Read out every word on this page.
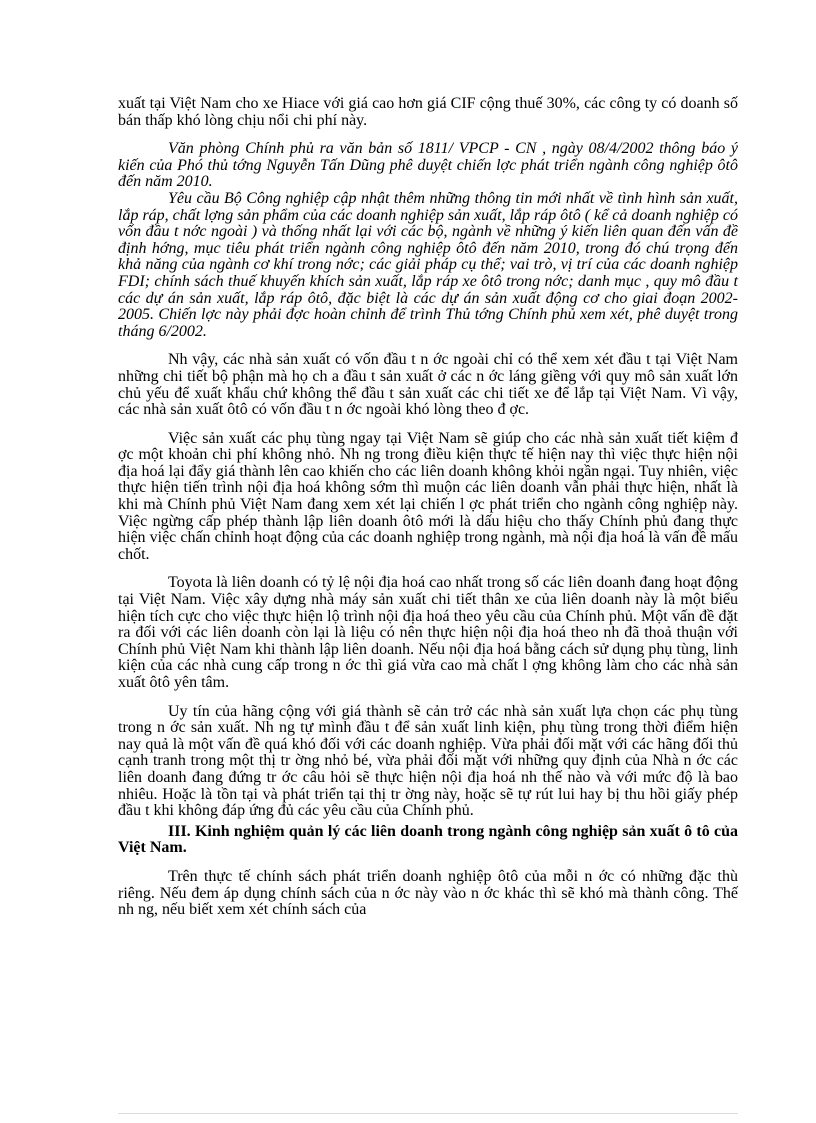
xuất tại Việt Nam cho xe Hiace với giá cao hơn giá CIF cộng thuế 30%, các công ty có doanh số bán thấp khó lòng chịu nổi chi phí này.

Văn phòng Chính phủ ra văn bản số 1811/ VPCP - CN , ngày 08/4/2002 thông báo ý kiến của Phó thủ tớng Nguyễn Tấn Dũng phê duyệt chiến lợc phát triển ngành công nghiệp ôtô đến năm 2010.

Yêu cầu Bộ Công nghiệp cập nhật thêm những thông tin mới nhất về tình hình sản xuất, lắp ráp, chất lợng sản phẩm của các doanh nghiệp sản xuất, lắp ráp ôtô ( kể cả doanh nghiệp có vốn đầu t nớc ngoài ) và thống nhất lại với các bộ, ngành về những ý kiến liên quan đến vấn đề định hớng, mục tiêu phát triển ngành công nghiệp ôtô đến năm 2010, trong đó chú trọng đến khả năng của ngành cơ khí trong nớc; các giải pháp cụ thể; vai trò, vị trí của các doanh nghiệp FDI; chính sách thuế khuyến khích sản xuất, lắp ráp xe ôtô trong nớc; danh mục , quy mô đầu t các dự án sản xuất, lắp ráp ôtô, đặc biệt là các dự án sản xuất động cơ cho giai đoạn 2002-2005. Chiến lợc này phải đợc hoàn chỉnh để trình Thủ tớng Chính phủ xem xét, phê duyệt trong tháng 6/2002.

Nh vậy, các nhà sản xuất có vốn đầu t n ớc ngoài chỉ có thể xem xét đầu t tại Việt Nam những chi tiết bộ phận mà họ ch a đầu t sản xuất ở các n ớc láng giềng với quy mô sản xuất lớn chủ yếu để xuất khẩu chứ không thể đầu t sản xuất các chi tiết xe để lắp tại Việt Nam. Vì vậy, các nhà sản xuất ôtô có vốn đầu t n ớc ngoài khó lòng theo đ ợc.

Việc sản xuất các phụ tùng ngay tại Việt Nam sẽ giúp cho các nhà sản xuất tiết kiệm đ ợc một khoản chi phí không nhỏ. Nh ng trong điều kiện thực tế hiện nay thì việc thực hiện nội địa hoá lại đẩy giá thành lên cao khiến cho các liên doanh không khỏi ngần ngại. Tuy nhiên, việc thực hiện tiến trình nội địa hoá không sớm thì muộn các liên doanh vẫn phải thực hiện, nhất là khi mà Chính phủ Việt Nam đang xem xét lại chiến l ợc phát triển cho ngành công nghiệp này. Việc ngừng cấp phép thành lập liên doanh ôtô mới là dấu hiệu cho thấy Chính phủ đang thực hiện việc chấn chỉnh hoạt động của các doanh nghiệp trong ngành, mà nội địa hoá là vấn đề mấu chốt.

Toyota là liên doanh có tỷ lệ nội địa hoá cao nhất trong số các liên doanh đang hoạt động tại Việt Nam. Việc xây dựng nhà máy sản xuất chi tiết thân xe của liên doanh này là một biểu hiện tích cực cho việc thực hiện lộ trình nội địa hoá theo yêu cầu của Chính phủ. Một vấn đề đặt ra đối với các liên doanh còn lại là liệu có nên thực hiện nội địa hoá theo nh đã thoả thuận với Chính phủ Việt Nam khi thành lập liên doanh. Nếu nội địa hoá bằng cách sử dụng phụ tùng, linh kiện của các nhà cung cấp trong n ớc thì giá vừa cao mà chất l ợng không làm cho các nhà sản xuất ôtô yên tâm.

Uy tín của hãng cộng với giá thành sẽ cản trở các nhà sản xuất lựa chọn các phụ tùng trong n ớc sản xuất. Nh ng tự mình đầu t để sản xuất linh kiện, phụ tùng trong thời điểm hiện nay quả là một vấn đề quá khó đối với các doanh nghiệp. Vừa phải đối mặt với các hãng đối thủ cạnh tranh trong một thị tr ờng nhỏ bé, vừa phải đối mặt với những quy định của Nhà n ớc các liên doanh đang đứng tr ớc câu hỏi sẽ thực hiện nội địa hoá nh thế nào và với mức độ là bao nhiêu. Hoặc là tồn tại và phát triển tại thị tr ờng này, hoặc sẽ tự rút lui hay bị thu hồi giấy phép đầu t khi không đáp ứng đủ các yêu cầu của Chính phủ.

III. Kinh nghiệm quản lý các liên doanh trong ngành công nghiệp sản xuất ô tô của Việt Nam.

Trên thực tế chính sách phát triển doanh nghiệp ôtô của mỗi n ớc có những đặc thù riêng. Nếu đem áp dụng chính sách của n ớc này vào n ớc khác thì sẽ khó mà thành công. Thế nh ng, nếu biết xem xét chính sách của
